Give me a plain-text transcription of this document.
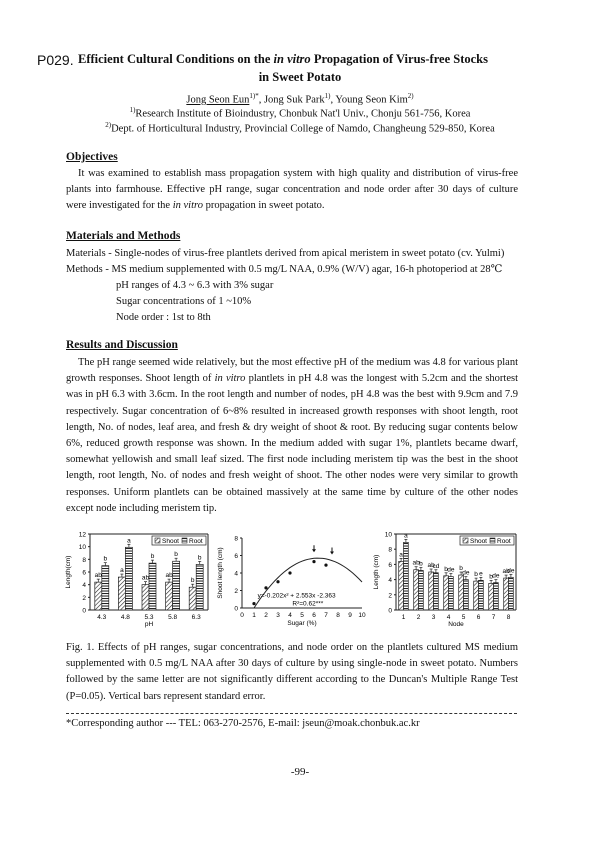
P029. Efficient Cultural Conditions on the in vitro Propagation of Virus-free Stocks
in Sweet Potato
Jong Seon Eun$^{1)*}$, Jong Suk Park$^{1)}$, Young Seon Kim$^{2)}$
$^{1)}$Research Institute of Bioindustry, Chonbuk Nat'l Univ., Chonju 561-756, Korea
$^{2)}$Dept. of Horticultural Industry, Provincial College of Namdo, Changheung 529-850, Korea
Objectives
It was examined to establish mass propagation system with high quality and distribution of virus-free plants into farmhouse. Effective pH range, sugar concentration and node order after 30 days of culture were investigated for the in vitro propagation in sweet potato.
Materials and Methods
Materials - Single-nodes of virus-free plantlets derived from apical meristem in sweet potato (cv. Yulmi)
Methods - MS medium supplemented with 0.5 mg/L NAA, 0.9% (W/V) agar, 16-h photoperiod at 28℃
pH ranges of 4.3 ~ 6.3 with 3% sugar
Sugar concentrations of 1 ~10%
Node order : 1st to 8th
Results and Discussion
The pH range seemed wide relatively, but the most effective pH of the medium was 4.8 for various plant growth responses. Shoot length of in vitro plantlets in pH 4.8 was the longest with 5.2cm and the shortest was in pH 6.3 with 3.6cm. In the root length and number of nodes, pH 4.8 was the best with 9.9cm and 7.9 respectively. Sugar concentration of 6~8% resulted in increased growth responses with shoot length, root length, No. of nodes, leaf area, and fresh & dry weight of shoot & root. By reducing sugar contents below 6%, reduced growth response was shown. In the medium added with sugar 1%, plantlets became dwarf, somewhat yellowish and small leaf sized. The first node including meristem tip was the best in the shoot length, root length, No. of nodes and fresh weight of shoot. The other nodes were very similar to growth responses. Uniform plantlets can be obtained massively at the same time by culture of the other nodes except node including meristem tip.
0
2
4
6
8
10
12
4.3
ab
b
4.8
a
a
5.3
ab
b
5.8
ab
b
6.3
b
b
pH
Length(cm)
Shoot Root
0
2
4
6
8
0 1 2 3 4 5 6 7 8 9 10
y=-0.202x² + 2.553x -2.363
R²=0.62***
Sugar (%)
Shoot length (cm)
0
2
4
6
8
10
1
a
a
2
ab b
3
ab
cd
4
b de
5
b
de
6
b e
7
b de
8
ab
de
Node
Length (cm)
Shoot Root
Fig. 1. Effects of pH ranges, sugar concentrations, and node order on the plantlets cultured MS medium supplemented with 0.5 mg/L NAA after 30 days of culture by using single-node in sweet potato. Numbers followed by the same letter are not significantly different according to the Duncan's Multiple Range Test (P=0.05). Vertical bars represent standard error.
*Corresponding author --- TEL: 063-270-2576, E-mail: jseun@moak.chonbuk.ac.kr
-99-
